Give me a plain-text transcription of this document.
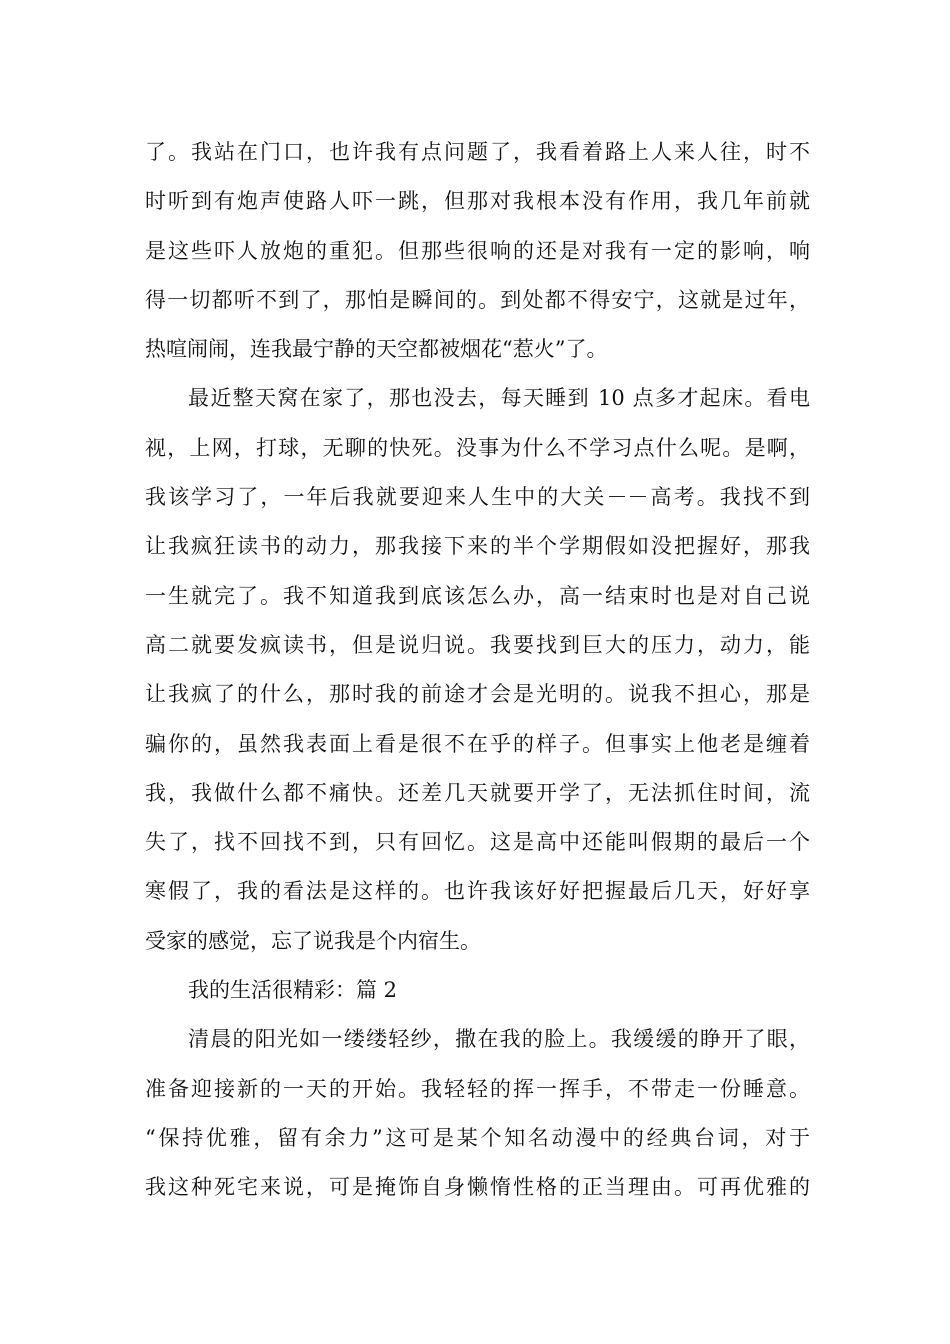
了。我站在门口，也许我有点问题了，我看着路上人来人往，时不
时听到有炮声使路人吓一跳，但那对我根本没有作用，我几年前就
是这些吓人放炮的重犯。但那些很响的还是对我有一定的影响，响
得一切都听不到了，那怕是瞬间的。到处都不得安宁，这就是过年，
热喧闹闹，连我最宁静的天空都被烟花“惹火”了。
最近整天窝在家了，那也没去，每天睡到 10 点多才起床。看电
视，上网，打球，无聊的快死。没事为什么不学习点什么呢。是啊，
我该学习了，一年后我就要迎来人生中的大关－－高考。我找不到
让我疯狂读书的动力，那我接下来的半个学期假如没把握好，那我
一生就完了。我不知道我到底该怎么办，高一结束时也是对自己说
高二就要发疯读书，但是说归说。我要找到巨大的压力，动力，能
让我疯了的什么，那时我的前途才会是光明的。说我不担心，那是
骗你的，虽然我表面上看是很不在乎的样子。但事实上他老是缠着
我，我做什么都不痛快。还差几天就要开学了，无法抓住时间，流
失了，找不回找不到，只有回忆。这是高中还能叫假期的最后一个
寒假了，我的看法是这样的。也许我该好好把握最后几天，好好享
受家的感觉，忘了说我是个内宿生。
我的生活很精彩：篇 2
清晨的阳光如一缕缕轻纱，撒在我的脸上。我缓缓的睁开了眼，
准备迎接新的一天的开始。我轻轻的挥一挥手，不带走一份睡意。
“保持优雅，留有余力”这可是某个知名动漫中的经典台词，对于
我这种死宅来说，可是掩饰自身懒惰性格的正当理由。可再优雅的
